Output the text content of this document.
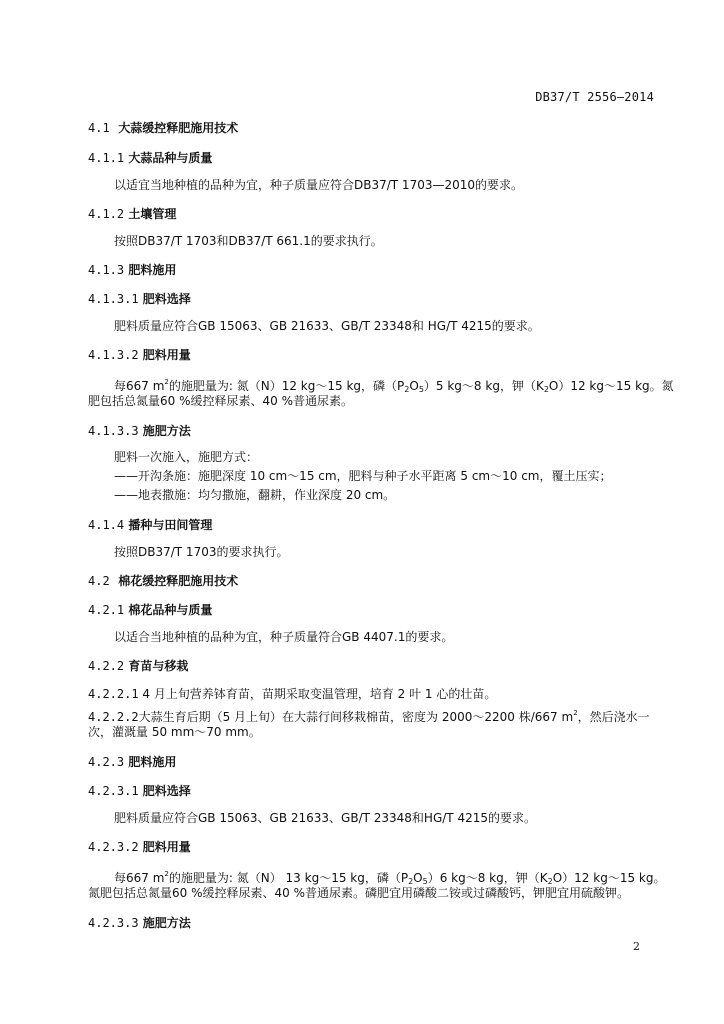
DB37/T 2556—2014
4.1 大蒜缓控释肥施用技术
4.1.1 大蒜品种与质量
以适宜当地种植的品种为宜，种子质量应符合DB37/T 1703—2010的要求。
4.1.2 土壤管理
按照DB37/T 1703和DB37/T 661.1的要求执行。
4.1.3 肥料施用
4.1.3.1 肥料选择
肥料质量应符合GB 15063、GB 21633、GB/T 23348和 HG/T 4215的要求。
4.1.3.2 肥料用量
每667 $m^2$的施肥量为: 氮（N）12 kg～15 kg，磷$(P_2O_5)5$ kg～8 kg，钾$(K_2O)12$ kg～15 kg。氮
肥包括总氮量60 %缓控释尿素、40 %普通尿素。
4.1.3.3 施肥方法
肥料一次施入，施肥方式：
——开沟条施：施肥深度 10 cm～15 cm，肥料与种子水平距离 5 cm～10 cm，覆土压实；
——地表撒施：均匀撒施，翻耕，作业深度 20 cm。
4.1.4 播种与田间管理
按照DB37/T 1703的要求执行。
4.2 棉花缓控释肥施用技术
4.2.1 棉花品种与质量
以适合当地种植的品种为宜，种子质量符合GB 4407.1的要求。
4.2.2 育苗与移栽
4.2.2.1 4 月上旬营养钵育苗，苗期采取变温管理，培育 2 叶 1 心的壮苗。
4.2.2.2大蒜生育后期（5 月上旬）在大蒜行间移栽棉苗，密度为 2000～2200 株/667 $m^2$，然后浇水一
次，灌溉量 50 mm～70 mm。
4.2.3 肥料施用
4.2.3.1 肥料选择
肥料质量应符合GB 15063、GB 21633、GB/T 23348和HG/T 4215的要求。
4.2.3.2 肥料用量
每667 $m^2$的施肥量为: 氮（N） 13 kg～15 kg，磷$(P_2O_5)6$ kg～8 kg，钾$(K_2O)12$ kg～15 kg。
氮肥包括总氮量60 %缓控释尿素、40 %普通尿素。磷肥宜用磷酸二铵或过磷酸钙，钾肥宜用硫酸钾。
4.2.3.3 施肥方法
2
